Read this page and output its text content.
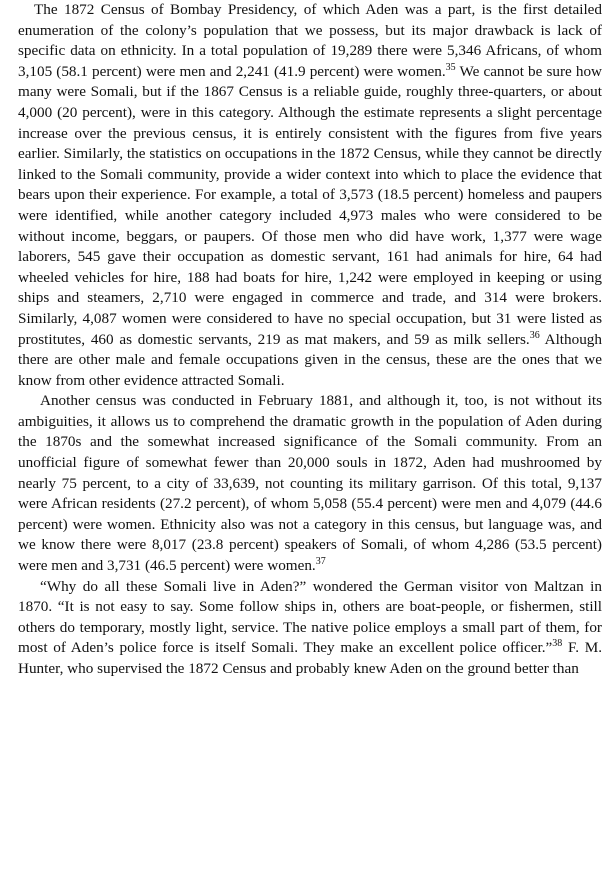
The 1872 Census of Bombay Presidency, of which Aden was a part, is the first detailed enumeration of the colony’s population that we possess, but its major drawback is lack of specific data on ethnicity. In a total population of 19,289 there were 5,346 Africans, of whom 3,105 (58.1 percent) were men and 2,241 (41.9 percent) were women.$^{35}$ We cannot be sure how many were Somali, but if the 1867 Census is a reliable guide, roughly three-quarters, or about 4,000 (20 percent), were in this category. Although the estimate represents a slight percentage increase over the previous census, it is entirely consistent with the figures from five years earlier. Similarly, the statistics on occupations in the 1872 Census, while they cannot be directly linked to the Somali community, provide a wider context into which to place the evidence that bears upon their experience. For example, a total of 3,573 (18.5 percent) homeless and paupers were identified, while another category included 4,973 males who were considered to be without income, beggars, or paupers. Of those men who did have work, 1,377 were wage laborers, 545 gave their occupation as domestic servant, 161 had animals for hire, 64 had wheeled vehicles for hire, 188 had boats for hire, 1,242 were employed in keeping or using ships and steamers, 2,710 were engaged in commerce and trade, and 314 were brokers. Similarly, 4,087 women were considered to have no special occupation, but 31 were listed as prostitutes, 460 as domestic servants, 219 as mat makers, and 59 as milk sellers.$^{36}$ Although there are other male and female occupations given in the census, these are the ones that we know from other evidence attracted Somali.

Another census was conducted in February 1881, and although it, too, is not without its ambiguities, it allows us to comprehend the dramatic growth in the population of Aden during the 1870s and the somewhat increased significance of the Somali community. From an unofficial figure of somewhat fewer than 20,000 souls in 1872, Aden had mushroomed by nearly 75 percent, to a city of 33,639, not counting its military garrison. Of this total, 9,137 were African residents (27.2 percent), of whom 5,058 (55.4 percent) were men and 4,079 (44.6 percent) were women. Ethnicity also was not a category in this census, but language was, and we know there were 8,017 (23.8 percent) speakers of Somali, of whom 4,286 (53.5 percent) were men and 3,731 (46.5 percent) were women.$^{37}$

“Why do all these Somali live in Aden?” wondered the German visitor von Maltzan in 1870. “It is not easy to say. Some follow ships in, others are boat-people, or fishermen, still others do temporary, mostly light, service. The native police employs a small part of them, for most of Aden’s police force is itself Somali. They make an excellent police officer.”$^{38}$ F. M. Hunter, who supervised the 1872 Census and probably knew Aden on the ground better than
